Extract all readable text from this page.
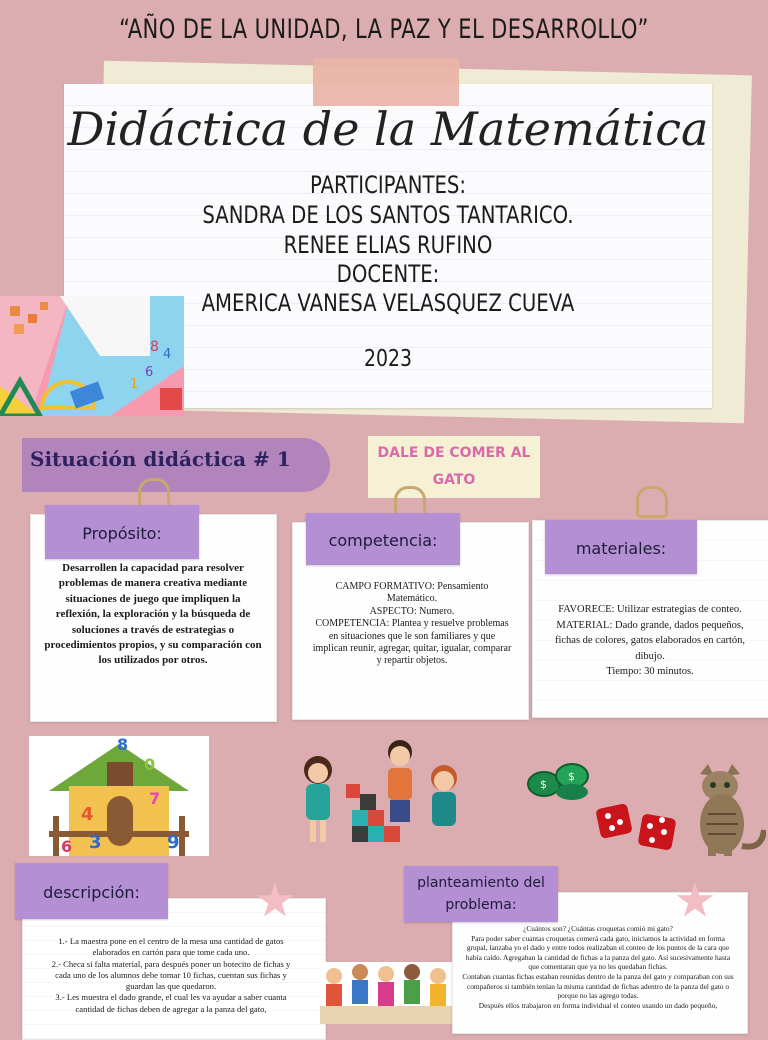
“AÑO DE LA UNIDAD, LA PAZ Y EL DESARROLLO”
Didáctica de la Matemática
PARTICIPANTES:
SANDRA DE LOS SANTOS TANTARICO.
RENEE ELIAS RUFINO
DOCENTE:
AMERICA VANESA VELASQUEZ CUEVA
2023
8 4
6
1
Situación didáctica # 1	DALE DE COMER AL
GATO
Propósito:
Desarrollen la capacidad para resolver problemas de manera creativa mediante situaciones de juego que impliquen la reflexión, la exploración y la búsqueda de soluciones a través de estrategias o procedimientos propios, y su comparación con los utilizados por otros.
competencia:
CAMPO FORMATIVO: Pensamiento Matemático.
ASPECTO: Numero.
COMPETENCIA: Plantea y resuelve problemas en situaciones que le son familiares y que implican reunir, agregar, quitar, igualar, comparar y repartir objetos.
materiales:
FAVORECE: Utilizar estrategias de conteo.
MATERIAL: Dado grande, dados pequeños, fichas de colores, gatos elaborados en cartón, dibujo.
Tiempo: 30 minutos.
8
0
7
4
3
6	9
$
$
descripción:
1.- La maestra pone en el centro de la mesa una cantidad de gatos elaborados en cartón para que tome cada uno.
2.- Checa si falta material, para después poner un botecito de fichas y cada uno de los alumnos debe tomar 10 fichas, cuentan sus fichas y guardan las que quedaron.
3.- Les muestra el dado grande, el cual les va ayudar a saber cuanta cantidad de fichas deben de agregar a la panza del gato,
planteamiento del problema:
¿Cuántos son? ¿Cuántas croquetas comió mi gato?
Para poder saber cuantas croquetas comerá cada gato, iniciamos la actividad en forma grupal, lanzaba yo el dado y entre todos realizaban el conteo de los puntos de la cara que había caído. Agregaban la cantidad de fichas a la panza del gato. Así sucesivamente hasta que comentaran que ya no les quedaban fichas.
Contaban cuantas fichas estaban reunidas dentro de la panza del gato y comparaban con sus compañeros si también tenían la misma cantidad de fichas adentro de la panza del gato o porque no las agrego todas.
Después ellos trabajaron en forma individual el conteo usando un dado pequeño,
